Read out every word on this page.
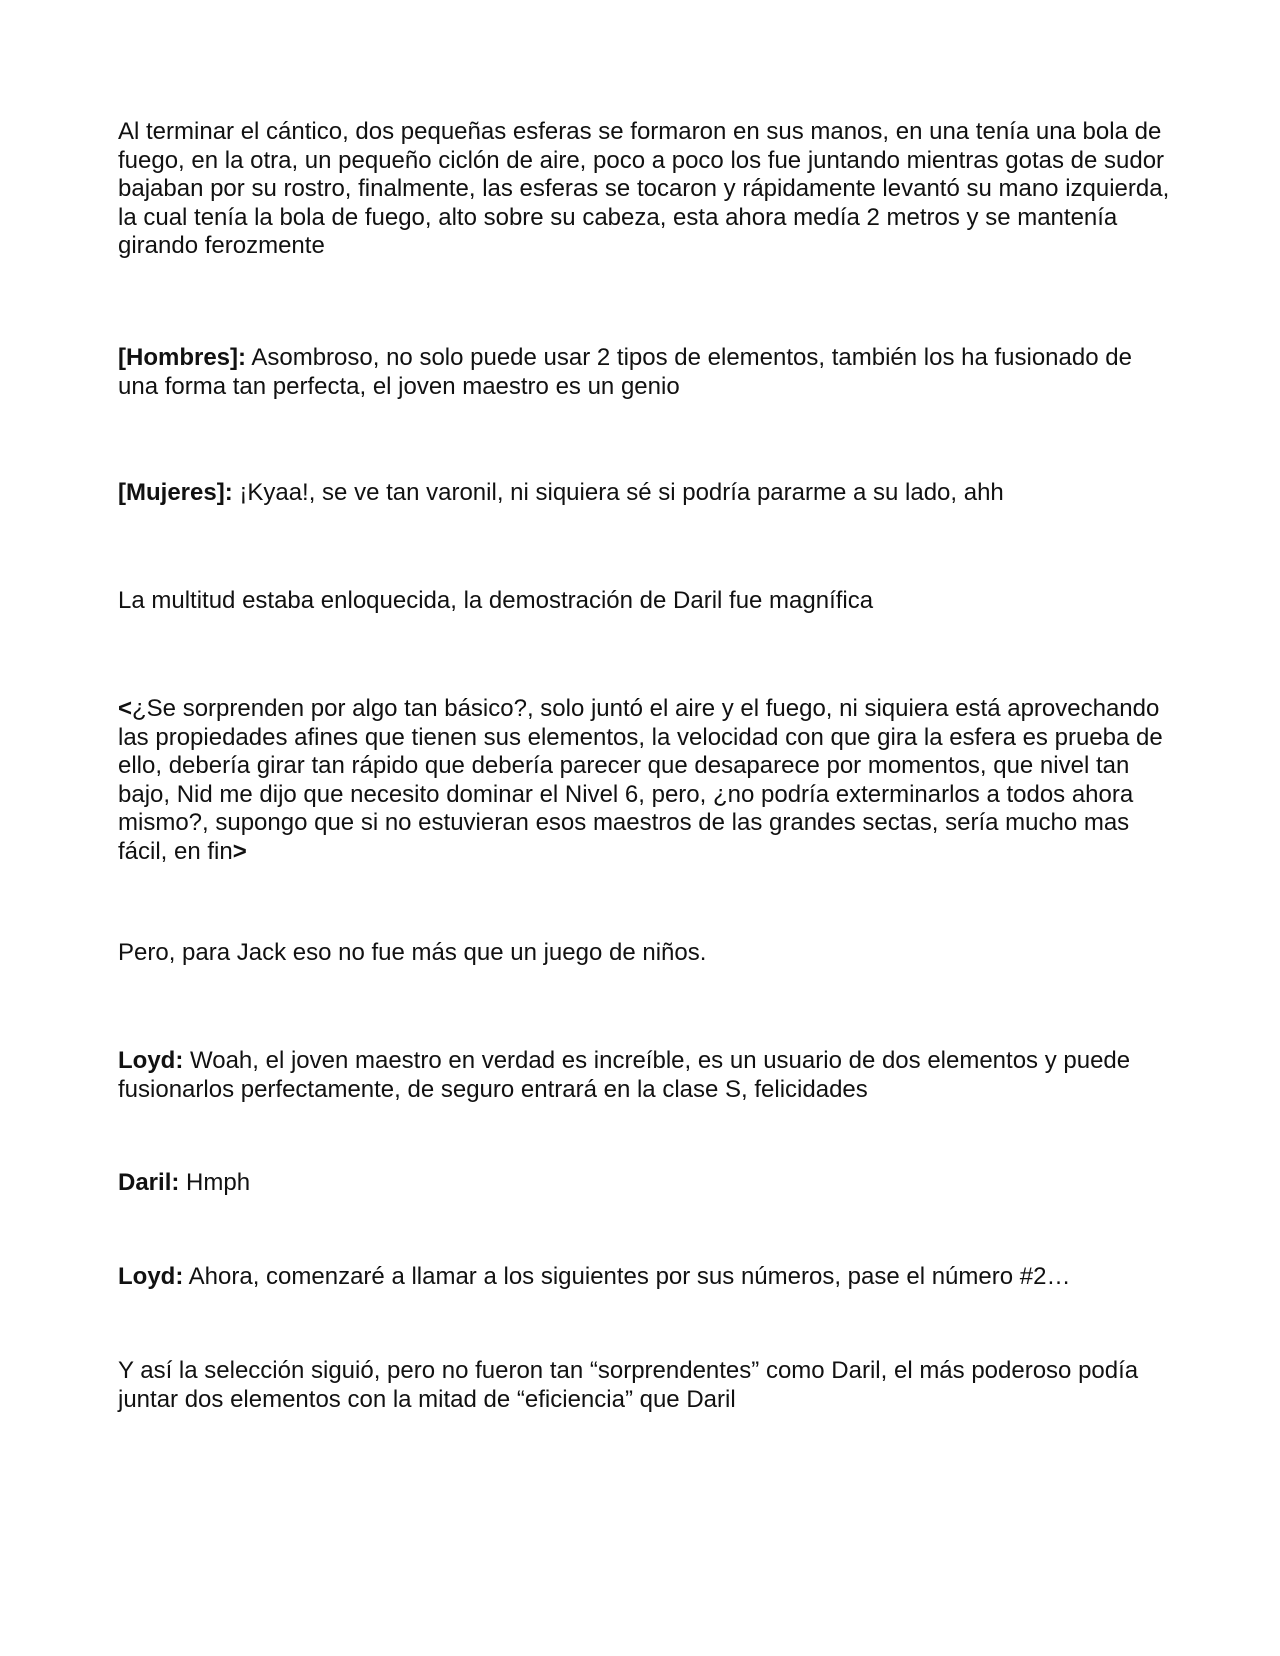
Al terminar el cántico, dos pequeñas esferas se formaron en sus manos, en una tenía una bola de fuego, en la otra, un pequeño ciclón de aire, poco a poco los fue juntando mientras gotas de sudor bajaban por su rostro, finalmente, las esferas se tocaron y rápidamente levantó su mano izquierda, la cual tenía la bola de fuego, alto sobre su cabeza, esta ahora medía 2 metros y se mantenía girando ferozmente

[Hombres]: Asombroso, no solo puede usar 2 tipos de elementos, también los ha fusionado de una forma tan perfecta, el joven maestro es un genio

[Mujeres]: ¡Kyaa!, se ve tan varonil, ni siquiera sé si podría pararme a su lado, ahh

La multitud estaba enloquecida, la demostración de Daril fue magnífica

<¿Se sorprenden por algo tan básico?, solo juntó el aire y el fuego, ni siquiera está aprovechando las propiedades afines que tienen sus elementos, la velocidad con que gira la esfera es prueba de ello, debería girar tan rápido que debería parecer que desaparece por momentos, que nivel tan bajo, Nid me dijo que necesito dominar el Nivel 6, pero, ¿no podría exterminarlos a todos ahora mismo?, supongo que si no estuvieran esos maestros de las grandes sectas, sería mucho mas fácil, en fin>

Pero, para Jack eso no fue más que un juego de niños.

Loyd: Woah, el joven maestro en verdad es increíble, es un usuario de dos elementos y puede fusionarlos perfectamente, de seguro entrará en la clase S, felicidades

Daril: Hmph

Loyd: Ahora, comenzaré a llamar a los siguientes por sus números, pase el número #2…

Y así la selección siguió, pero no fueron tan “sorprendentes” como Daril, el más poderoso podía juntar dos elementos con la mitad de “eficiencia” que Daril
